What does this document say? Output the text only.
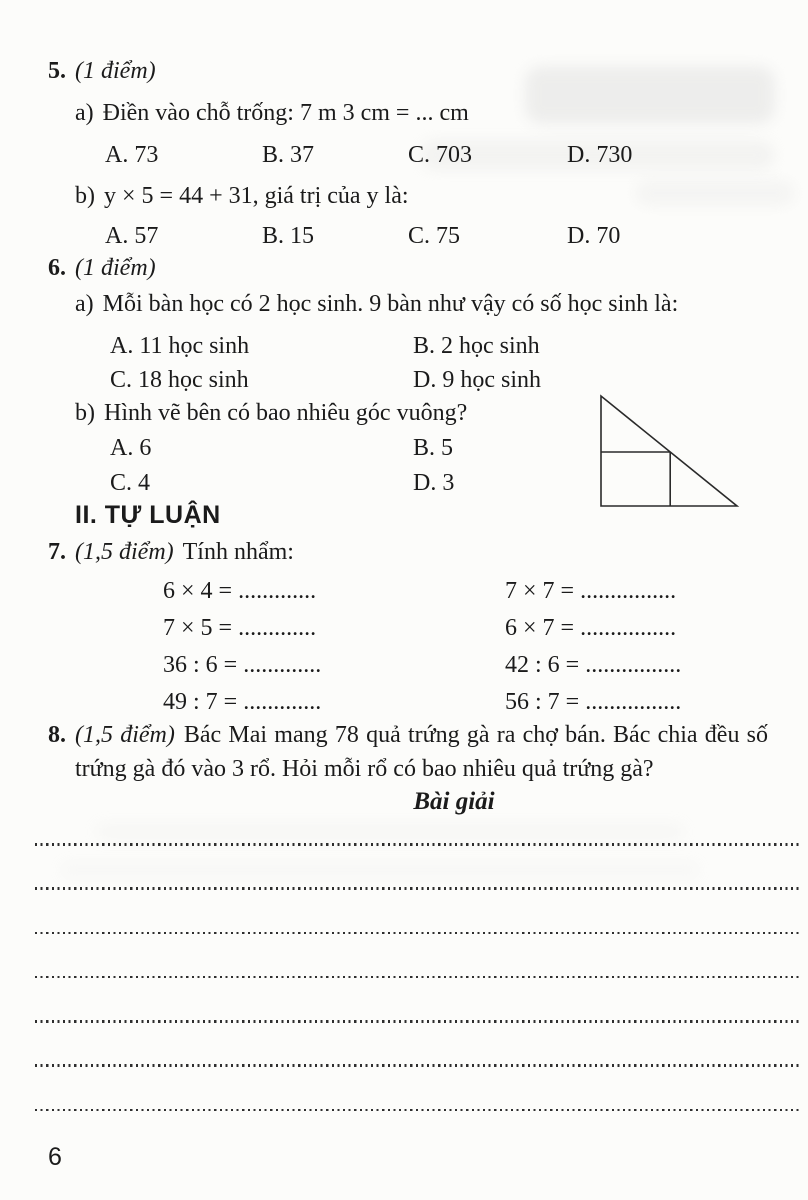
5. (1 điểm)
a) Điền vào chỗ trống: 7 m 3 cm = ... cm
A. 73	B. 37	C. 703	D. 730
b) y × 5 = 44 + 31, giá trị của y là:
A. 57	B. 15	C. 75	D. 70
6. (1 điểm)
a) Mỗi bàn học có 2 học sinh. 9 bàn như vậy có số học sinh là:
A. 11 học sinh	B. 2 học sinh
C. 18 học sinh	D. 9 học sinh
b) Hình vẽ bên có bao nhiêu góc vuông?
A. 6	B. 5
C. 4	D. 3
II. TỰ LUẬN
7. (1,5 điểm) Tính nhẩm:
6 × 4 = .............	7 × 7 = ................
7 × 5 = .............	6 × 7 = ................
36 : 6 = .............	42 : 6 = ................
49 : 7 = .............	56 : 7 = ................
8. (1,5 điểm) Bác Mai mang 78 quả trứng gà ra chợ bán. Bác chia đều số
trứng gà đó vào 3 rổ. Hỏi mỗi rổ có bao nhiêu quả trứng gà?
Bài giải
6
